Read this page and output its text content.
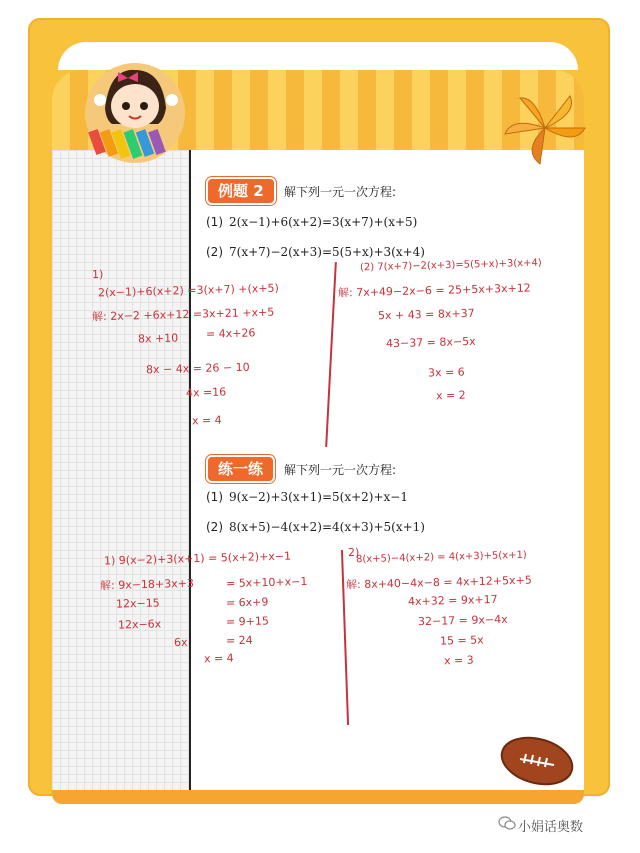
例题 2	解下列一元一次方程:
(1) 2(x−1)+6(x+2)=3(x+7)+(x+5)
(2) 7(x+7)−2(x+3)=5(5+x)+3(x+4)
1)
2(x−1)+6(x+2) =3(x+7) +(x+5)
解: 2x−2 +6x+12 =3x+21 +x+5
8x +10 = 4x+26
8x − 4x = 26 − 10
4x =16
x = 4
(2) 7(x+7)−2(x+3)=5(5+x)+3(x+4)
解: 7x+49−2x−6 = 25+5x+3x+12
5x + 43 = 8x+37
43−37 = 8x−5x
3x = 6
x = 2
练一练	解下列一元一次方程:
(1) 9(x−2)+3(x+1)=5(x+2)+x−1
(2) 8(x+5)−4(x+2)=4(x+3)+5(x+1)
1) 9(x−2)+3(x+1) = 5(x+2)+x−1
解: 9x−18+3x+3	= 5x+10+x−1
12x−15	= 6x+9
12x−6x	= 9+15
6x	= 24
x = 4
2)
8(x+5)−4(x+2) = 4(x+3)+5(x+1)
解: 8x+40−4x−8 = 4x+12+5x+5
4x+32 = 9x+17
32−17 = 9x−4x
15 = 5x
x = 3
小娟话奥数
